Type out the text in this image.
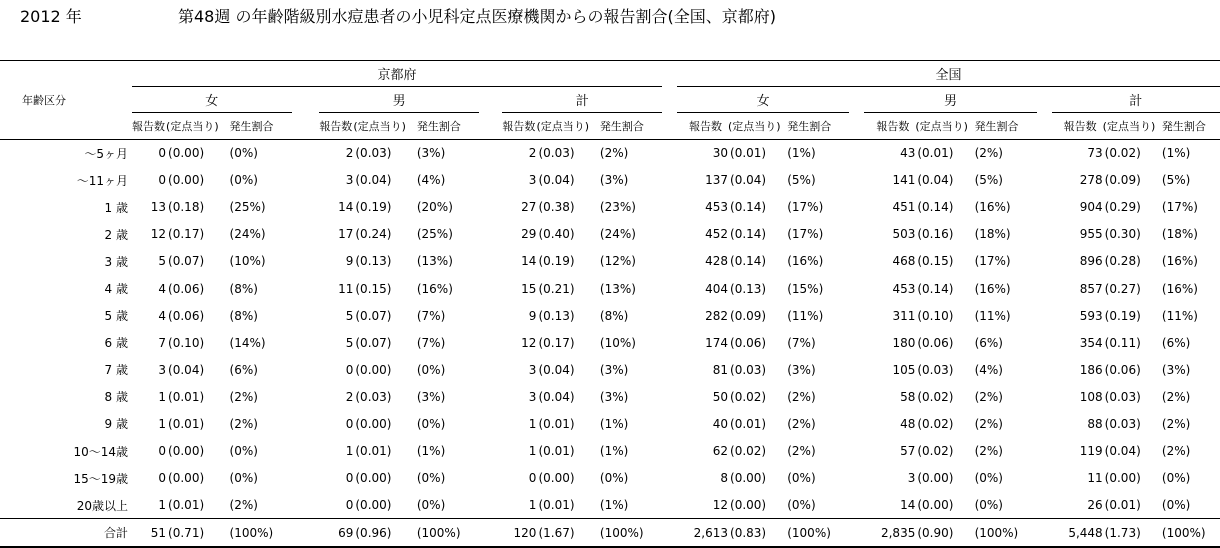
2012 年	第48週 の年齢階級別水痘患者の小児科定点医療機関からの報告割合(全国、京都府)
年齢区分	京都府												全国										
	女				男				計				女				男				計		
	報告数	(定点当り)	発生割合		報告数	(定点当り)	発生割合		報告数	(定点当り)	発生割合		報告数	(定点当り)	発生割合		報告数	(定点当り)	発生割合		報告数	(定点当り)	発生割合
〜5ヶ月	0	(0.00)	(0%)		2	(0.03)	(3%)		2	(0.03)	(2%)		30	(0.01)	(1%)		43	(0.01)	(2%)		73	(0.02)	(1%)
〜11ヶ月	0	(0.00)	(0%)		3	(0.04)	(4%)		3	(0.04)	(3%)		137	(0.04)	(5%)		141	(0.04)	(5%)		278	(0.09)	(5%)
1 歳	13	(0.18)	(25%)		14	(0.19)	(20%)		27	(0.38)	(23%)		453	(0.14)	(17%)		451	(0.14)	(16%)		904	(0.29)	(17%)
2 歳	12	(0.17)	(24%)		17	(0.24)	(25%)		29	(0.40)	(24%)		452	(0.14)	(17%)		503	(0.16)	(18%)		955	(0.30)	(18%)
3 歳	5	(0.07)	(10%)		9	(0.13)	(13%)		14	(0.19)	(12%)		428	(0.14)	(16%)		468	(0.15)	(17%)		896	(0.28)	(16%)
4 歳	4	(0.06)	(8%)		11	(0.15)	(16%)		15	(0.21)	(13%)		404	(0.13)	(15%)		453	(0.14)	(16%)		857	(0.27)	(16%)
5 歳	4	(0.06)	(8%)		5	(0.07)	(7%)		9	(0.13)	(8%)		282	(0.09)	(11%)		311	(0.10)	(11%)		593	(0.19)	(11%)
6 歳	7	(0.10)	(14%)		5	(0.07)	(7%)		12	(0.17)	(10%)		174	(0.06)	(7%)		180	(0.06)	(6%)		354	(0.11)	(6%)
7 歳	3	(0.04)	(6%)		0	(0.00)	(0%)		3	(0.04)	(3%)		81	(0.03)	(3%)		105	(0.03)	(4%)		186	(0.06)	(3%)
8 歳	1	(0.01)	(2%)		2	(0.03)	(3%)		3	(0.04)	(3%)		50	(0.02)	(2%)		58	(0.02)	(2%)		108	(0.03)	(2%)
9 歳	1	(0.01)	(2%)		0	(0.00)	(0%)		1	(0.01)	(1%)		40	(0.01)	(2%)		48	(0.02)	(2%)		88	(0.03)	(2%)
10〜14歳	0	(0.00)	(0%)		1	(0.01)	(1%)		1	(0.01)	(1%)		62	(0.02)	(2%)		57	(0.02)	(2%)		119	(0.04)	(2%)
15〜19歳	0	(0.00)	(0%)		0	(0.00)	(0%)		0	(0.00)	(0%)		8	(0.00)	(0%)		3	(0.00)	(0%)		11	(0.00)	(0%)
20歳以上	1	(0.01)	(2%)		0	(0.00)	(0%)		1	(0.01)	(1%)		12	(0.00)	(0%)		14	(0.00)	(0%)		26	(0.01)	(0%)
合計	51	(0.71)	(100%)		69	(0.96)	(100%)		120	(1.67)	(100%)		2,613	(0.83)	(100%)		2,835	(0.90)	(100%)		5,448	(1.73)	(100%)
